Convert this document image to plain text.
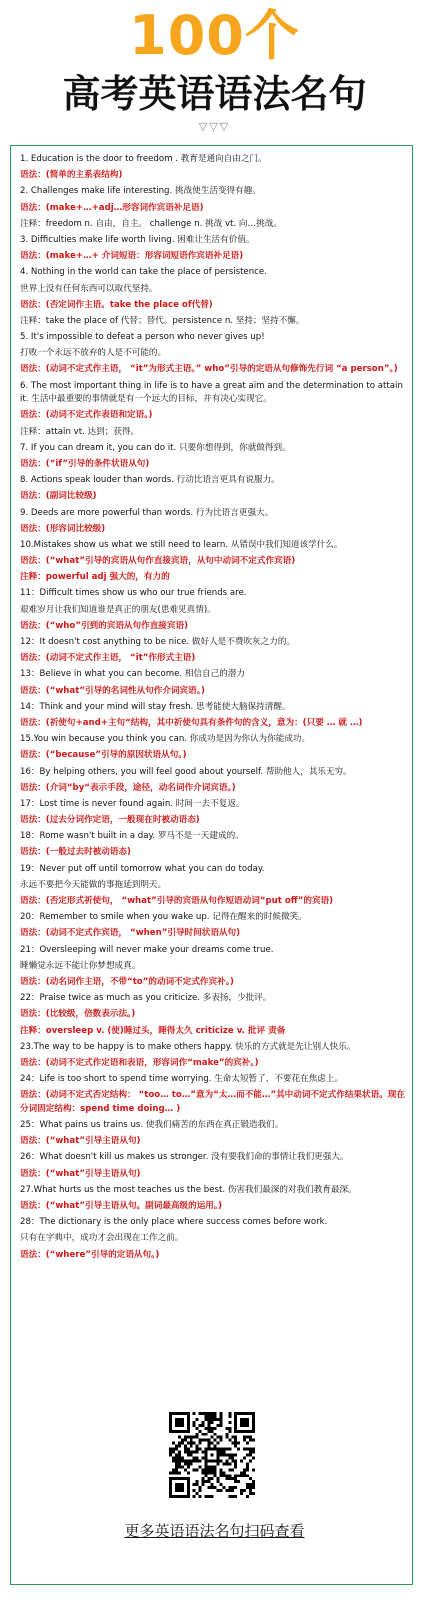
100个
高考英语语法名句
▽▽▽

1. Education is the door to freedom . 教育是通向自由之门。

语法：(简单的主系表结构)

2. Challenges make life interesting. 挑战使生活变得有趣。

语法：(make+…+adj…形容词作宾语补足语)

注释：freedom n. 自由，自主。 challenge n. 挑战 vt. 向…挑战。

3. Difficulties make life worth living. 困难让生活有价值。

语法：(make+…+ 介词短语：形容词短语作宾语补足语)

4. Nothing in the world can take the place of persistence.

世界上没有任何东西可以取代坚持。

语法：(否定词作主语。take the place of代替)

注释：take the place of 代替；替代。persistence n. 坚持；坚持不懈。

5. It's impossible to defeat a person who never gives up!

打败一个永远不放弃的人是不可能的。

语法：(动词不定式作主语， “it”为形式主语。” who”引导的定语从句修饰先行词 “a person”。)

6. The most important thing in life is to have a great aim and the determination to attain it. 生活中最重要的事情就是有一个远大的目标，并有决心实现它。

语法：(动词不定式作表语和定语。)

注释：attain vt. 达到；获得。

7. If you can dream it, you can do it. 只要你想得到，你就做得到。

语法：(“if”引导的条件状语从句)

8. Actions speak louder than words. 行动比语言更具有说服力。

语法：(副词比较级)

9. Deeds are more powerful than words. 行为比语言更强大。

语法：(形容词比较级)

10.Mistakes show us what we still need to learn. 从错误中我们知道该学什么。

语法：(“what”引导的宾语从句作直接宾语，从句中动词不定式作宾语)

注释：powerful adj 强大的，有力的

11：Difficult times show us who our true friends are.

艰难岁月让我们知道谁是真正的朋友(患难见真情)。

语法：(“who”引到的宾语从句作直接宾语)

12：It doesn't cost anything to be nice. 做好人是不费吹灰之力的。

语法：(动词不定式作主语， “it”作形式主语)

13：Believe in what you can become. 相信自己的潜力

语法：(“what”引导的名词性从句作介词宾语。)

14：Think and your mind will stay fresh. 思考能使大脑保持清醒。

语法：(祈使句+and+主句“结构，其中祈使句具有条件句的含义，意为：(只要 … 就 …)

15.You win because you think you can. 你成功是因为你认为你能成功。

语法：(“because”引导的原因状语从句。)

16：By helping others, you will feel good about yourself. 帮助他人，其乐无穷。

语法：(介词“by“表示手段，途径，动名词作介词宾语。)

17：Lost time is never found again. 时间一去不复返。

语法：(过去分词作定语，一般现在时被动语态)

18：Rome wasn't built in a day. 罗马不是一天建成的。

语法：(一般过去时被动语态)

19：Never put off until tomorrow what you can do today.

永远不要把今天能做的事拖延到明天。

语法：(否定形式祈使句， “what”引导的宾语从句作短语动词“put off”的宾语)

20：Remember to smile when you wake up. 记得在醒来的时候微笑。

语法：(动词不定式作宾语， “when”引导时间状语从句)

21：Oversleeping will never make your dreams come true.

睡懒觉永远不能让你梦想成真。

语法：(动名词作主语，不带“to”的动词不定式作宾补。)

22：Praise twice as much as you criticize. 多表扬，少批评。

语法：(比较级，倍数表示法。)

注释：oversleep v. (使)睡过头，睡得太久 criticize v. 批评 责备

23.The way to be happy is to make others happy. 快乐的方式就是先让别人快乐。

语法：(动词不定式作定语和表语，形容词作“make”的宾补。)

24：Life is too short to spend time worrying. 生命太短暂了，不要花在焦虑上。

语法：(动词不定式否定结构： “too… to…”意为“太…而不能…”其中动词不定式作结果状语。现在分词固定结构：spend time doing… )

25：What pains us trains us. 使我们痛苦的东西在真正锻造我们。

语法：(“what”引导主语从句)

26：What doesn't kill us makes us stronger. 没有要我们命的事情让我们更强大。

语法：(“what”引导主语从句)

27.What hurts us the most teaches us the best. 伤害我们最深的对我们教育最深。

语法：(“what”引导主语从句。副词最高级的运用。)

28：The dictionary is the only place where success comes before work.

只有在字典中，成功才会出现在工作之前。

语法：(“where”引导的定语从句。)

更多英语语法名句扫码查看
